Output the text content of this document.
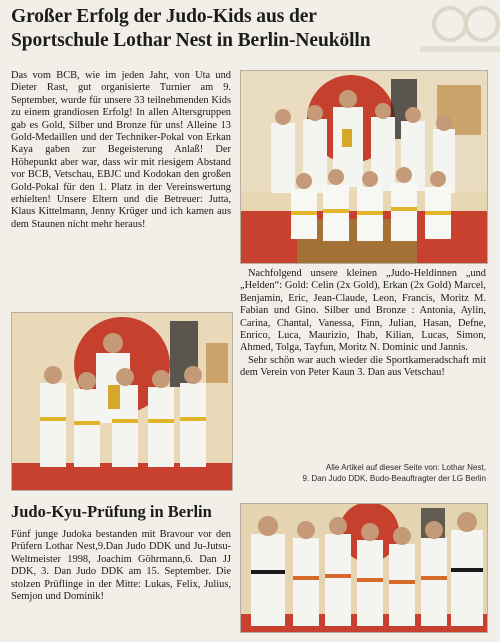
Großer Erfolg der Judo-Kids aus der
Sportschule Lothar Nest in Berlin-Neukölln

Das vom BCB, wie im jeden Jahr, von Uta und Dieter Rast, gut organisierte Turnier am 9. September, wurde für unsere 33 teilnehmenden Kids zu einem grandiosen Erfolg! In allen Altersgruppen gab es Gold, Silber und Bronze für uns! Alleine 13 Gold-Medaillen und der Techniker-Pokal von Erkan Kaya gaben zur Begeisterung Anlaß! Der Höhepunkt aber war, dass wir mit riesigem Abstand vor BCB, Vetschau, EBJC und Kodokan den großen Gold-Pokal für den 1. Platz in der Vereinswertung erhielten! Unsere Eltern und die Betreuer: Jutta, Klaus Kittelmann, Jenny Krüger und ich kamen aus dem Staunen nicht mehr heraus!

Nachfolgend unsere kleinen „Judo-Heldinnen „und „Helden“: Gold: Celin (2x Gold), Erkan (2x Gold) Marcel, Benjamin, Eric, Jean-Claude, Leon, Francis, Moritz M. Fabian und Gino. Silber und Bronze : Antonia, Aylin, Carina, Chantal, Vanessa, Finn, Julian, Hasan, Defne, Enrico, Luca, Maurizio, Ihab, Kilian, Lucas, Simon, Ahmed, Tolga, Tayfun, Moritz N. Dominic und Jannis.

Sehr schön war auch wieder die Sportkameradschaft mit dem Verein von Peter Kaun 3. Dan aus Vetschau!

Alle Artikel auf dieser Seite von: Lothar Nest,
9. Dan Judo DDK, Budo-Beauftragter der LG Berlin
Judo-Kyu-Prüfung in Berlin

Fünf junge Judoka bestanden mit Bravour vor den Prüfern Lothar Nest,9.Dan Judo DDK und Ju-Jutsu-Weltmeister 1998, Joachim Göhrmann,6. Dan JJ DDK, 3. Dan Judo DDK am 15. September. Die stolzen Prüflinge in der Mitte: Lukas, Felix, Julius, Semjon und Dominik!
